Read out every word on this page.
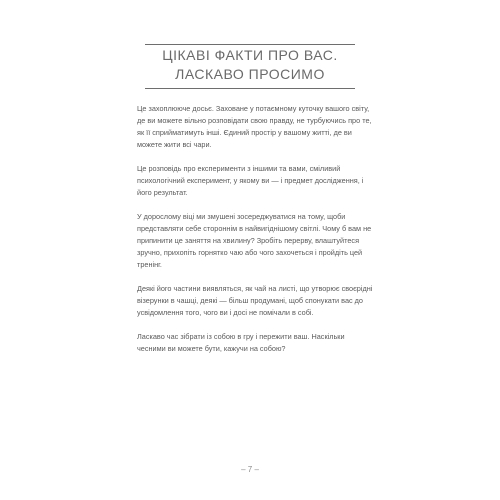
ЦІКАВІ ФАКТИ ПРО ВАС.
ЛАСКАВО ПРОСИМО

Це захоплююче досьє. Заховане у потаємному куточку вашого світу, де ви можете вільно розповідати свою правду, не турбуючись про те, як її сприйматимуть інші. Єдиний простір у вашому житті, де ви можете жити всі чари.

Це розповідь про експерименти з іншими та вами, сміливий психологічний експеримент, у якому ви — і предмет дослідження, і його результат.

У дорослому віці ми змушені зосереджуватися на тому, щоби представляти себе стороннім в найвигіднішому світлі. Чому б вам не припинити це заняття на хвилину? Зробіть перерву, влаштуйтеся зручно, прихопіть горнятко чаю або чого захочеться і пройдіть цей тренінг.

Деякі його частини виявляться, як чай на листі, що утворює своєрідні візерунки в чашці, деякі — більш продумані, щоб спонукати вас до усвідомлення того, чого ви і досі не помічали в собі.

Ласкаво час зібрати із собою в гру і пережити ваш. Наскільки чесними ви можете бути, кажучи на собою?

– 7 –
